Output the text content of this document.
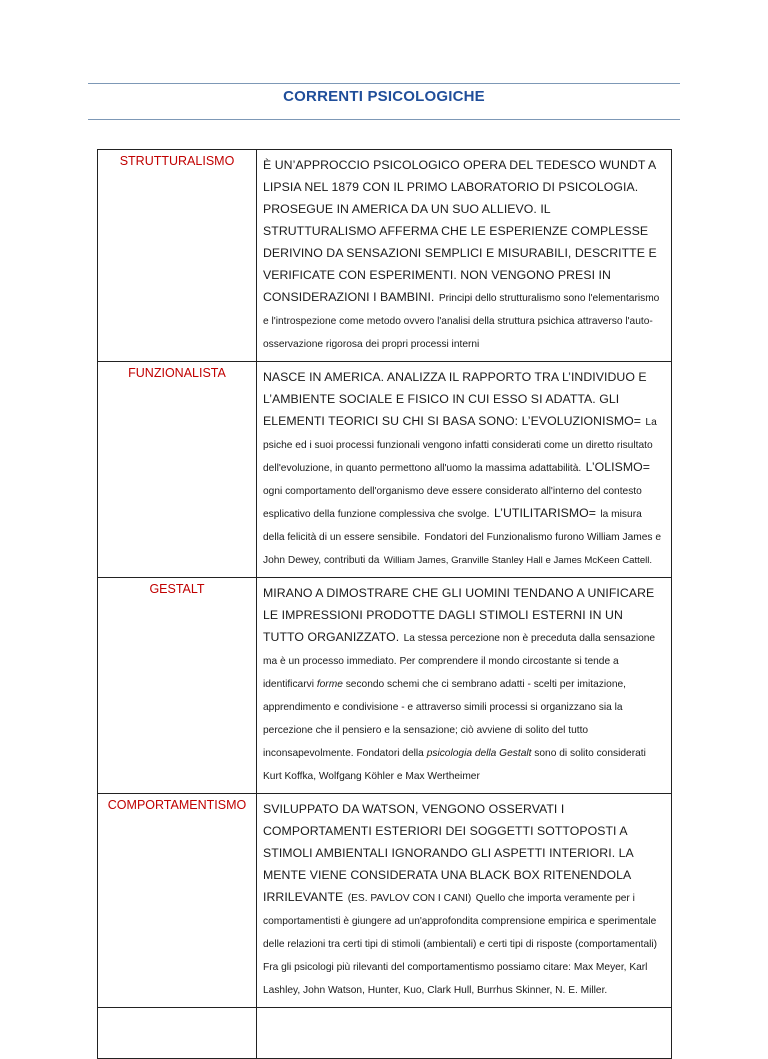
CORRENTI PSICOLOGICHE
STRUTTURALISMO	È UN’APPROCCIO PSICOLOGICO OPERA DEL TEDESCO WUNDT A LIPSIA NEL 1879 CON IL PRIMO LABORATORIO DI PSICOLOGIA. PROSEGUE IN AMERICA DA UN SUO ALLIEVO. IL STRUTTURALISMO AFFERMA CHE LE ESPERIENZE COMPLESSE DERIVINO DA SENSAZIONI SEMPLICI E MISURABILI, DESCRITTE E VERIFICATE CON ESPERIMENTI. NON VENGONO PRESI IN CONSIDERAZIONI I BAMBINI. Principi dello strutturalismo sono l'elementarismo e l'introspezione come metodo ovvero l'analisi della struttura psichica attraverso l'auto-osservazione rigorosa dei propri processi interni
FUNZIONALISTA	NASCE IN AMERICA. ANALIZZA IL RAPPORTO TRA L’INDIVIDUO E L’AMBIENTE SOCIALE E FISICO IN CUI ESSO SI ADATTA. GLI ELEMENTI TEORICI SU CHI SI BASA SONO: L’EVOLUZIONISMO= La psiche ed i suoi processi funzionali vengono infatti considerati come un diretto risultato dell'evoluzione, in quanto permettono all'uomo la massima adattabilità. L’OLISMO= ogni comportamento dell'organismo deve essere considerato all'interno del contesto esplicativo della funzione complessiva che svolge. L’UTILITARISMO= la misura della felicità di un essere sensibile. Fondatori del Funzionalismo furono William James e John Dewey, contributi da William James, Granville Stanley Hall e James McKeen Cattell.
GESTALT	MIRANO A DIMOSTRARE CHE GLI UOMINI TENDANO A UNIFICARE LE IMPRESSIONI PRODOTTE DAGLI STIMOLI ESTERNI IN UN TUTTO ORGANIZZATO. La stessa percezione non è preceduta dalla sensazione ma è un processo immediato. Per comprendere il mondo circostante si tende a identificarvi forme secondo schemi che ci sembrano adatti - scelti per imitazione, apprendimento e condivisione - e attraverso simili processi si organizzano sia la percezione che il pensiero e la sensazione; ciò avviene di solito del tutto inconsapevolmente. Fondatori della psicologia della Gestalt sono di solito considerati Kurt Koffka, Wolfgang Köhler e Max Wertheimer
COMPORTAMENTISMO	SVILUPPATO DA WATSON, VENGONO OSSERVATI I COMPORTAMENTI ESTERIORI DEI SOGGETTI SOTTOPOSTI A STIMOLI AMBIENTALI IGNORANDO GLI ASPETTI INTERIORI. LA MENTE VIENE CONSIDERATA UNA BLACK BOX RITENENDOLA IRRILEVANTE (ES. PAVLOV CON I CANI) Quello che importa veramente per i comportamentisti è giungere ad un'approfondita comprensione empirica e sperimentale delle relazioni tra certi tipi di stimoli (ambientali) e certi tipi di risposte (comportamentali) Fra gli psicologi più rilevanti del comportamentismo possiamo citare: Max Meyer, Karl Lashley, John Watson, Hunter, Kuo, Clark Hull, Burrhus Skinner, N. E. Miller.
